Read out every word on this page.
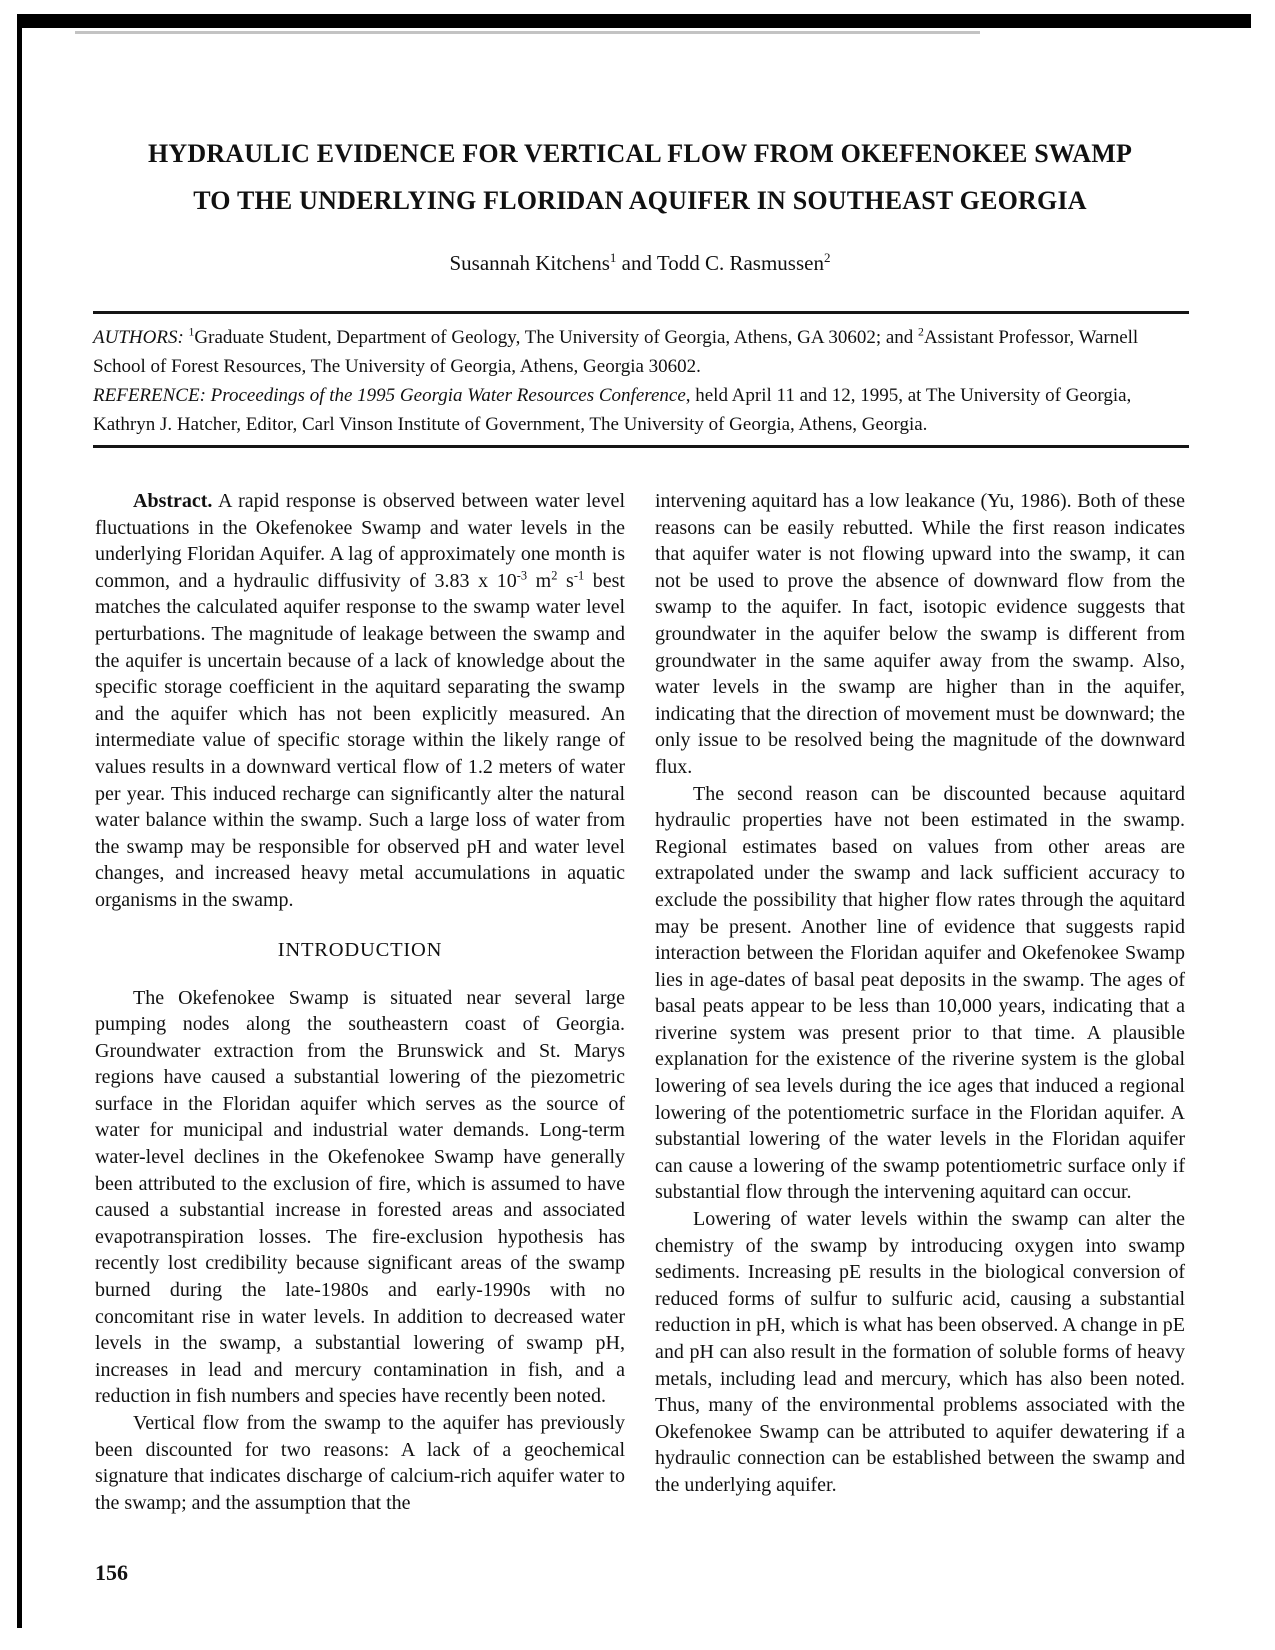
HYDRAULIC EVIDENCE FOR VERTICAL FLOW FROM OKEFENOKEE SWAMP
TO THE UNDERLYING FLORIDAN AQUIFER IN SOUTHEAST GEORGIA

Susannah Kitchens$^1$ and Todd C. Rasmussen$^2$

AUTHORS: $^1$Graduate Student, Department of Geology, The University of Georgia, Athens, GA 30602; and $^2$Assistant Professor, Warnell School of Forest Resources, The University of Georgia, Athens, Georgia 30602.

REFERENCE: Proceedings of the 1995 Georgia Water Resources Conference, held April 11 and 12, 1995, at The University of Georgia, Kathryn J. Hatcher, Editor, Carl Vinson Institute of Government, The University of Georgia, Athens, Georgia.

Abstract. A rapid response is observed between water level fluctuations in the Okefenokee Swamp and water levels in the underlying Floridan Aquifer. A lag of approximately one month is common, and a hydraulic diffusivity of 3.83 x $10^{-3}$ $m^2$ $s^{-1}$ best matches the calculated aquifer response to the swamp water level perturbations. The magnitude of leakage between the swamp and the aquifer is uncertain because of a lack of knowledge about the specific storage coefficient in the aquitard separating the swamp and the aquifer which has not been explicitly measured. An intermediate value of specific storage within the likely range of values results in a downward vertical flow of 1.2 meters of water per year. This induced recharge can significantly alter the natural water balance within the swamp. Such a large loss of water from the swamp may be responsible for observed pH and water level changes, and increased heavy metal accumulations in aquatic organisms in the swamp.

INTRODUCTION

The Okefenokee Swamp is situated near several large pumping nodes along the southeastern coast of Georgia. Groundwater extraction from the Brunswick and St. Marys regions have caused a substantial lowering of the piezometric surface in the Floridan aquifer which serves as the source of water for municipal and industrial water demands. Long-term water-level declines in the Okefenokee Swamp have generally been attributed to the exclusion of fire, which is assumed to have caused a substantial increase in forested areas and associated evapotranspiration losses. The fire-exclusion hypothesis has recently lost credibility because significant areas of the swamp burned during the late-1980s and early-1990s with no concomitant rise in water levels. In addition to decreased water levels in the swamp, a substantial lowering of swamp pH, increases in lead and mercury contamination in fish, and a reduction in fish numbers and species have recently been noted.

Vertical flow from the swamp to the aquifer has previously been discounted for two reasons: A lack of a geochemical signature that indicates discharge of calcium-rich aquifer water to the swamp; and the assumption that the

intervening aquitard has a low leakance (Yu, 1986). Both of these reasons can be easily rebutted. While the first reason indicates that aquifer water is not flowing upward into the swamp, it can not be used to prove the absence of downward flow from the swamp to the aquifer. In fact, isotopic evidence suggests that groundwater in the aquifer below the swamp is different from groundwater in the same aquifer away from the swamp. Also, water levels in the swamp are higher than in the aquifer, indicating that the direction of movement must be downward; the only issue to be resolved being the magnitude of the downward flux.

The second reason can be discounted because aquitard hydraulic properties have not been estimated in the swamp. Regional estimates based on values from other areas are extrapolated under the swamp and lack sufficient accuracy to exclude the possibility that higher flow rates through the aquitard may be present. Another line of evidence that suggests rapid interaction between the Floridan aquifer and Okefenokee Swamp lies in age-dates of basal peat deposits in the swamp. The ages of basal peats appear to be less than 10,000 years, indicating that a riverine system was present prior to that time. A plausible explanation for the existence of the riverine system is the global lowering of sea levels during the ice ages that induced a regional lowering of the potentiometric surface in the Floridan aquifer. A substantial lowering of the water levels in the Floridan aquifer can cause a lowering of the swamp potentiometric surface only if substantial flow through the intervening aquitard can occur.

Lowering of water levels within the swamp can alter the chemistry of the swamp by introducing oxygen into swamp sediments. Increasing pE results in the biological conversion of reduced forms of sulfur to sulfuric acid, causing a substantial reduction in pH, which is what has been observed. A change in pE and pH can also result in the formation of soluble forms of heavy metals, including lead and mercury, which has also been noted. Thus, many of the environmental problems associated with the Okefenokee Swamp can be attributed to aquifer dewatering if a hydraulic connection can be established between the swamp and the underlying aquifer.

156
